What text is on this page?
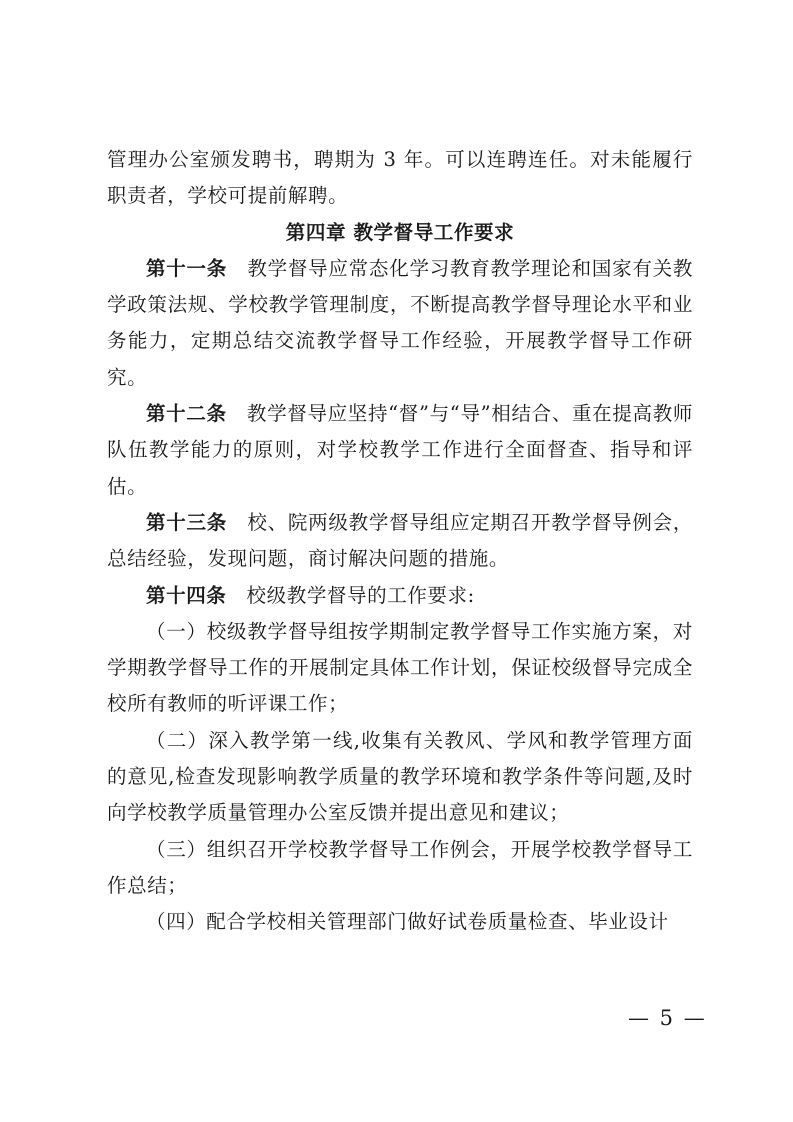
管理办公室颁发聘书，聘期为 3 年。可以连聘连任。对未能履行职责者，学校可提前解聘。

第四章 教学督导工作要求

第十一条  教学督导应常态化学习教育教学理论和国家有关教学政策法规、学校教学管理制度，不断提高教学督导理论水平和业务能力，定期总结交流教学督导工作经验，开展教学督导工作研究。

第十二条  教学督导应坚持“督”与“导”相结合、重在提高教师队伍教学能力的原则，对学校教学工作进行全面督查、指导和评估。

第十三条  校、院两级教学督导组应定期召开教学督导例会，总结经验，发现问题，商讨解决问题的措施。

第十四条  校级教学督导的工作要求:

（一）校级教学督导组按学期制定教学督导工作实施方案，对学期教学督导工作的开展制定具体工作计划，保证校级督导完成全校所有教师的听评课工作；

（二）深入教学第一线,收集有关教风、学风和教学管理方面的意见,检查发现影响教学质量的教学环境和教学条件等问题,及时向学校教学质量管理办公室反馈并提出意见和建议；

（三）组织召开学校教学督导工作例会，开展学校教学督导工作总结；

（四）配合学校相关管理部门做好试卷质量检查、毕业设计

— 5 —
